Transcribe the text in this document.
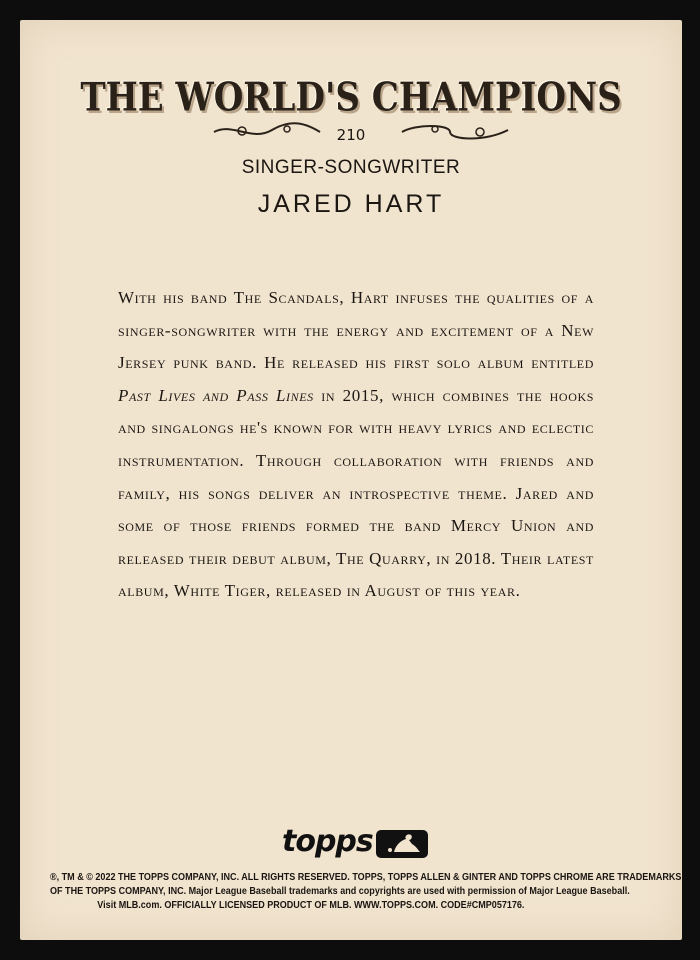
THE WORLD'S CHAMPIONS
210
SINGER-SONGWRITER
JARED HART
With his band The Scandals, Hart infuses the qualities of a singer-songwriter with the energy and excitement of a New Jersey punk band. He released his first solo album entitled Past Lives and Pass Lines in 2015, which combines the hooks and singalongs he's known for with heavy lyrics and eclectic instrumentation. Through collaboration with friends and family, his songs deliver an introspective theme. Jared and some of those friends formed the band Mercy Union and released their debut album, The Quarry, in 2018. Their latest album, White Tiger, released in August of this year.
topps
®, TM & © 2022 THE TOPPS COMPANY, INC. ALL RIGHTS RESERVED. TOPPS, TOPPS ALLEN & GINTER AND TOPPS CHROME ARE TRADEMARKS
OF THE TOPPS COMPANY, INC. Major League Baseball trademarks and copyrights are used with permission of Major League Baseball.
Visit MLB.com. OFFICIALLY LICENSED PRODUCT OF MLB. WWW.TOPPS.COM. CODE#CMP057176.
